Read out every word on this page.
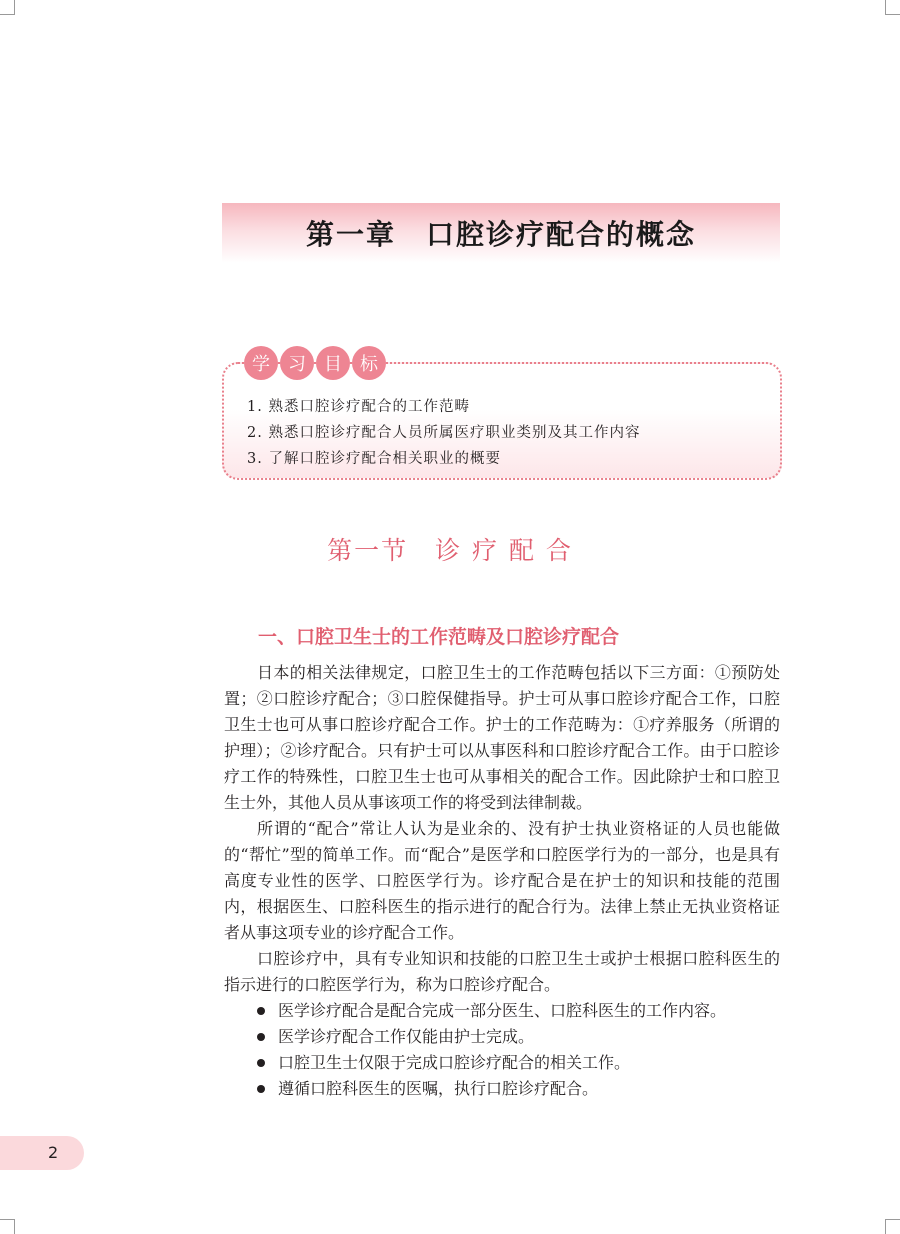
第一章　口腔诊疗配合的概念
学	习	目	标
1. 熟悉口腔诊疗配合的工作范畴
2. 熟悉口腔诊疗配合人员所属医疗职业类别及其工作内容
3. 了解口腔诊疗配合相关职业的概要
第一节　诊 疗 配 合
一、口腔卫生士的工作范畴及口腔诊疗配合

日本的相关法律规定，口腔卫生士的工作范畴包括以下三方面：①预防处置；②口腔诊疗配合；③口腔保健指导。护士可从事口腔诊疗配合工作，口腔卫生士也可从事口腔诊疗配合工作。护士的工作范畴为：①疗养服务（所谓的护理）；②诊疗配合。只有护士可以从事医科和口腔诊疗配合工作。由于口腔诊疗工作的特殊性，口腔卫生士也可从事相关的配合工作。因此除护士和口腔卫生士外，其他人员从事该项工作的将受到法律制裁。

所谓的“配合”常让人认为是业余的、没有护士执业资格证的人员也能做的“帮忙”型的简单工作。而“配合”是医学和口腔医学行为的一部分，也是具有高度专业性的医学、口腔医学行为。诊疗配合是在护士的知识和技能的范围内，根据医生、口腔科医生的指示进行的配合行为。法律上禁止无执业资格证者从事这项专业的诊疗配合工作。

口腔诊疗中，具有专业知识和技能的口腔卫生士或护士根据口腔科医生的指示进行的口腔医学行为，称为口腔诊疗配合。

医学诊疗配合是配合完成一部分医生、口腔科医生的工作内容。
医学诊疗配合工作仅能由护士完成。
口腔卫生士仅限于完成口腔诊疗配合的相关工作。
遵循口腔科医生的医嘱，执行口腔诊疗配合。
2
